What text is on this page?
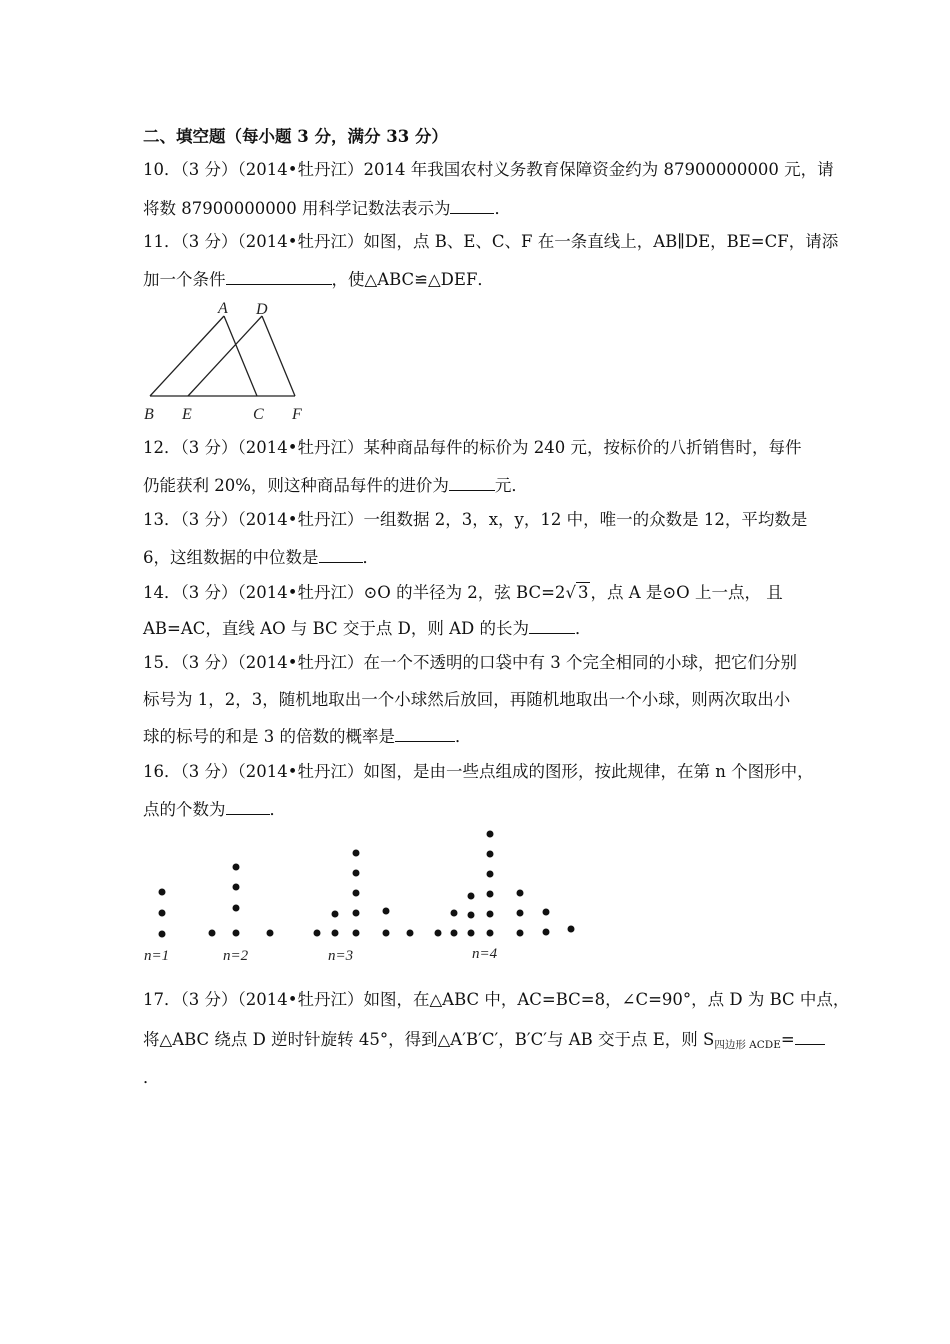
二、填空题（每小题 3 分，满分 33 分）
10．（3 分）（2014•牡丹江）2014 年我国农村义务教育保障资金约为 87900000000 元，请
将数 87900000000 用科学记数法表示为	．
11．（3 分）（2014•牡丹江）如图，点 B、E、C、F 在一条直线上，AB∥DE，BE=CF，请添
加一个条件	，使△ABC≌△DEF．
A D
B E	C F
12．（3 分）（2014•牡丹江）某种商品每件的标价为 240 元，按标价的八折销售时，每件
仍能获利 20%，则这种商品每件的进价为	元．
13．（3 分）（2014•牡丹江）一组数据 2，3，x，y，12 中，唯一的众数是 12，平均数是
6，这组数据的中位数是	．
14．（3 分）（2014•牡丹江）⊙O 的半径为 2，弦 BC=2√ 3 ，点 A 是⊙O 上一点， 且
AB=AC，直线 AO 与 BC 交于点 D，则 AD 的长为	．
15．（3 分）（2014•牡丹江）在一个不透明的口袋中有 3 个完全相同的小球，把它们分别
标号为 1，2，3，随机地取出一个小球然后放回，再随机地取出一个小球，则两次取出小
球的标号的和是 3 的倍数的概率是	．
16．（3 分）（2014•牡丹江）如图，是由一些点组成的图形，按此规律，在第 n 个图形中，
点的个数为	．
n=1	n=2	n=3	n=4
17．（3 分）（2014•牡丹江）如图，在△ABC 中，AC=BC=8，∠C=90°，点 D 为 BC 中点，
将△ABC 绕点 D 逆时针旋转 45°，得到△A′B′C′，B′C′与 AB 交于点 E，则 $S_{四边形 ACDE}=$
．
